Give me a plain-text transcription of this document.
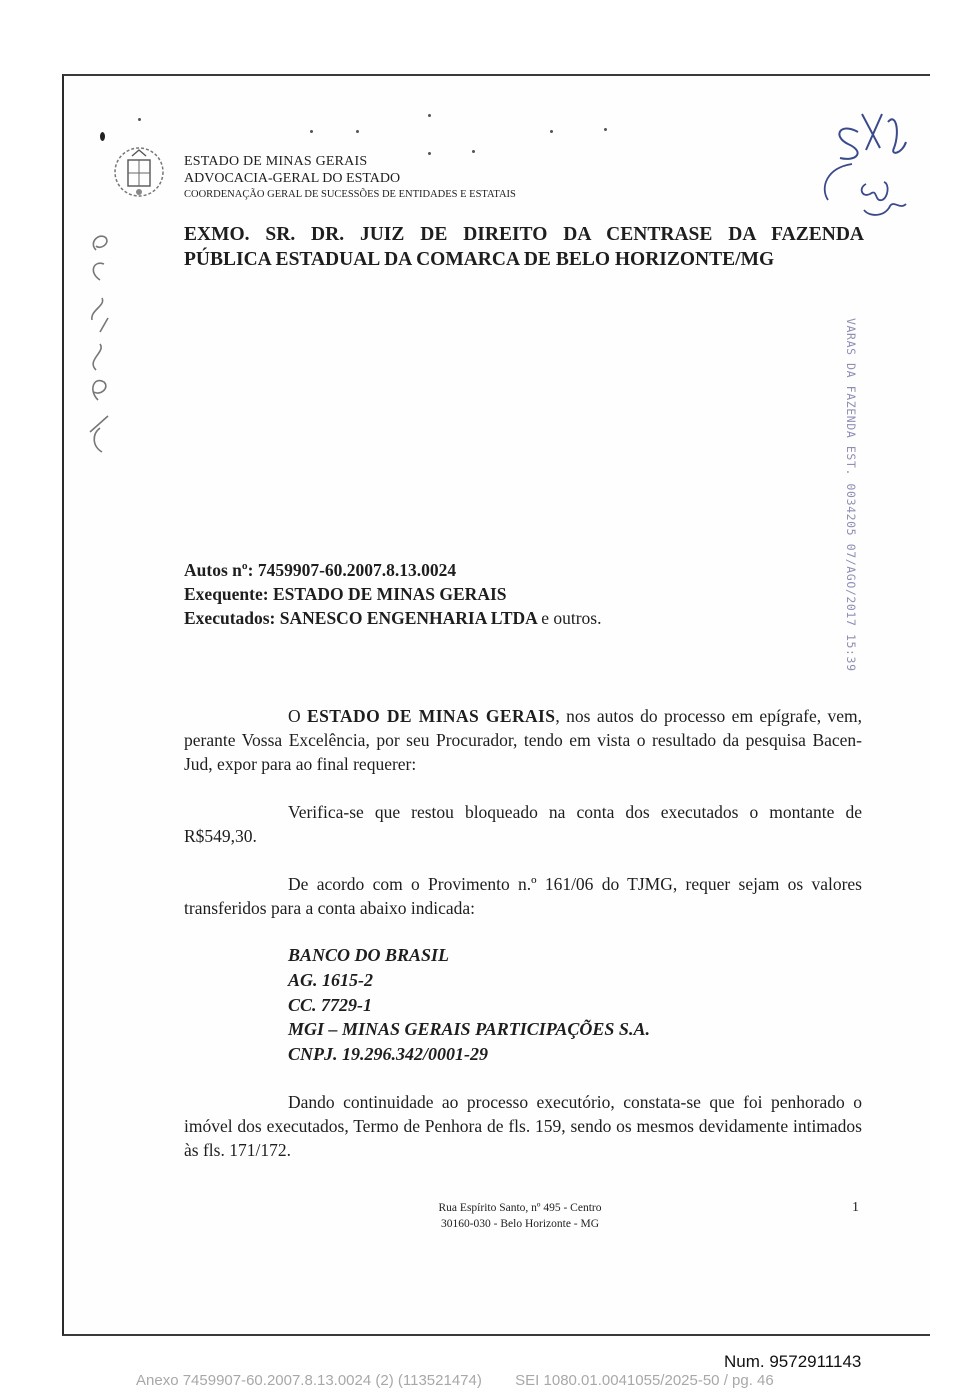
ESTADO DE MINAS GERAIS
ADVOCACIA-GERAL DO ESTADO
COORDENAÇÃO GERAL DE SUCESSÕES DE ENTIDADES E ESTATAIS
EXMO. SR. DR. JUIZ DE DIREITO DA CENTRASE DA FAZENDA
PÚBLICA ESTADUAL DA COMARCA DE BELO HORIZONTE/MG
VARAS DA FAZENDA EST. 0034205 07/AGO/2017 15:39
Autos nº: 7459907-60.2007.8.13.0024
Exequente: ESTADO DE MINAS GERAIS
Executados: SANESCO ENGENHARIA LTDA e outros.
O ESTADO DE MINAS GERAIS, nos autos do processo em epígrafe, vem, perante Vossa Excelência, por seu Procurador, tendo em vista o resultado da pesquisa Bacen-Jud, expor para ao final requerer:
Verifica-se que restou bloqueado na conta dos executados o montante de R$549,30.
De acordo com o Provimento n.º 161/06 do TJMG, requer sejam os valores transferidos para a conta abaixo indicada:
BANCO DO BRASIL
AG. 1615-2
CC. 7729-1
MGI – MINAS GERAIS PARTICIPAÇÕES S.A.
CNPJ. 19.296.342/0001-29
Dando continuidade ao processo executório, constata-se que foi penhorado o imóvel dos executados, Termo de Penhora de fls. 159, sendo os mesmos devidamente intimados às fls. 171/172.
Rua Espírito Santo, nº 495 - Centro
30160-030 - Belo Horizonte - MG
1
Num. 9572911143
Anexo 7459907-60.2007.8.13.0024 (2) (113521474)        SEI 1080.01.0041055/2025-50 / pg. 46
